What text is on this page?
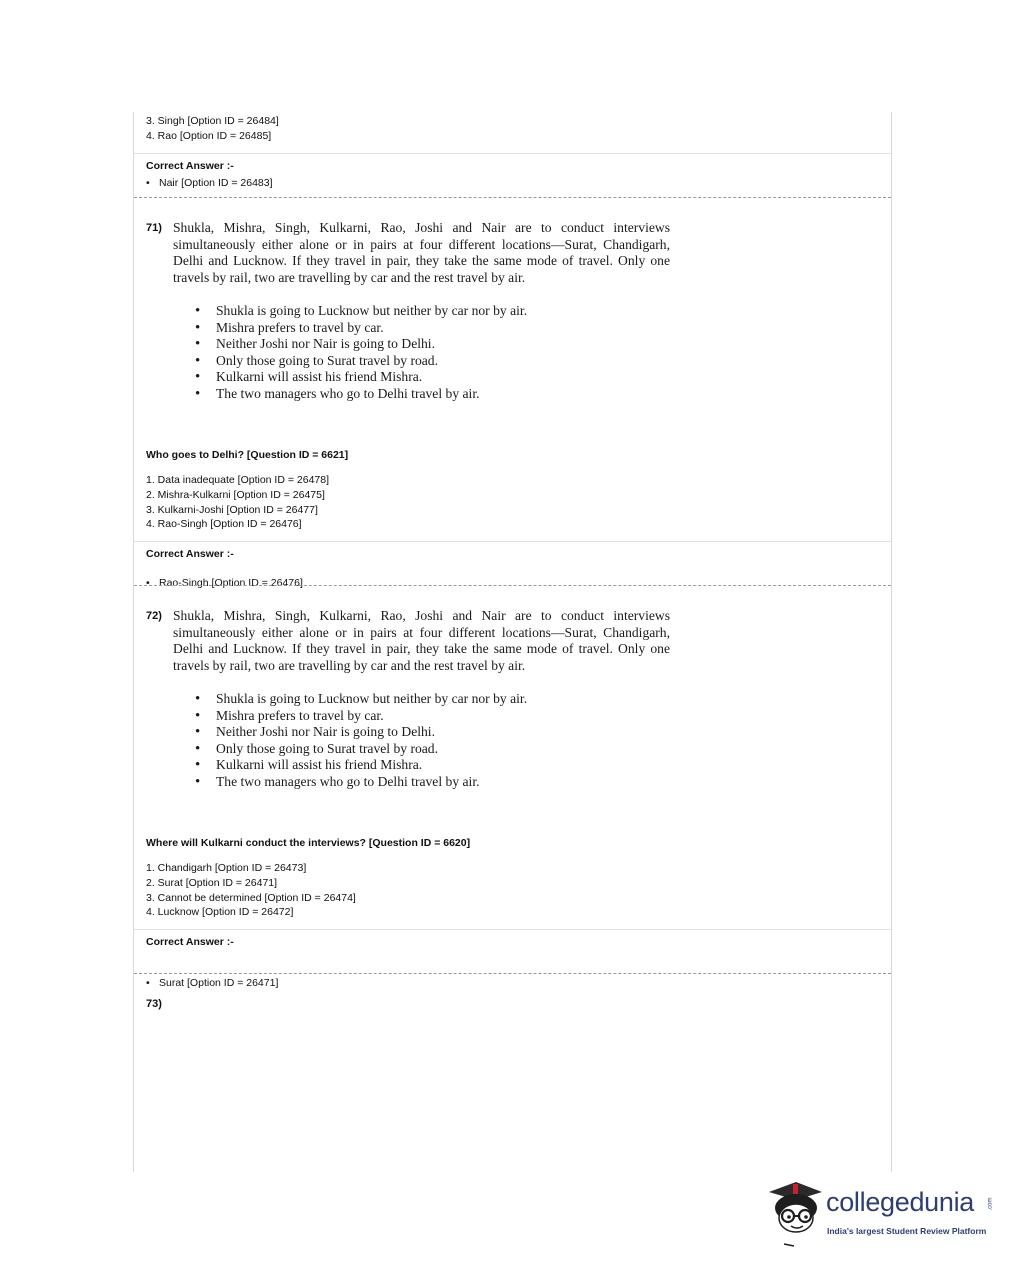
3. Singh [Option ID = 26484]
4. Rao [Option ID = 26485]
Correct Answer :-
• Nair [Option ID = 26483]
71) Shukla, Mishra, Singh, Kulkarni, Rao, Joshi and Nair are to conduct interviews simultaneously either alone or in pairs at four different locations—Surat, Chandigarh, Delhi and Lucknow. If they travel in pair, they take the same mode of travel. Only one travels by rail, two are travelling by car and the rest travel by air.
• Shukla is going to Lucknow but neither by car nor by air.
• Mishra prefers to travel by car.
• Neither Joshi nor Nair is going to Delhi.
• Only those going to Surat travel by road.
• Kulkarni will assist his friend Mishra.
• The two managers who go to Delhi travel by air.
Who goes to Delhi? [Question ID = 6621]
1. Data inadequate [Option ID = 26478]
2. Mishra-Kulkarni [Option ID = 26475]
3. Kulkarni-Joshi [Option ID = 26477]
4. Rao-Singh [Option ID = 26476]
Correct Answer :-
• Rao-Singh [Option ID = 26476]
72) Shukla, Mishra, Singh, Kulkarni, Rao, Joshi and Nair are to conduct interviews simultaneously either alone or in pairs at four different locations—Surat, Chandigarh, Delhi and Lucknow. If they travel in pair, they take the same mode of travel. Only one travels by rail, two are travelling by car and the rest travel by air.
• Shukla is going to Lucknow but neither by car nor by air.
• Mishra prefers to travel by car.
• Neither Joshi nor Nair is going to Delhi.
• Only those going to Surat travel by road.
• Kulkarni will assist his friend Mishra.
• The two managers who go to Delhi travel by air.
Where will Kulkarni conduct the interviews? [Question ID = 6620]
1. Chandigarh [Option ID = 26473]
2. Surat [Option ID = 26471]
3. Cannot be determined [Option ID = 26474]
4. Lucknow [Option ID = 26472]
Correct Answer :-
• Surat [Option ID = 26471]
73)
collegedunia .com
India's largest Student Review Platform
